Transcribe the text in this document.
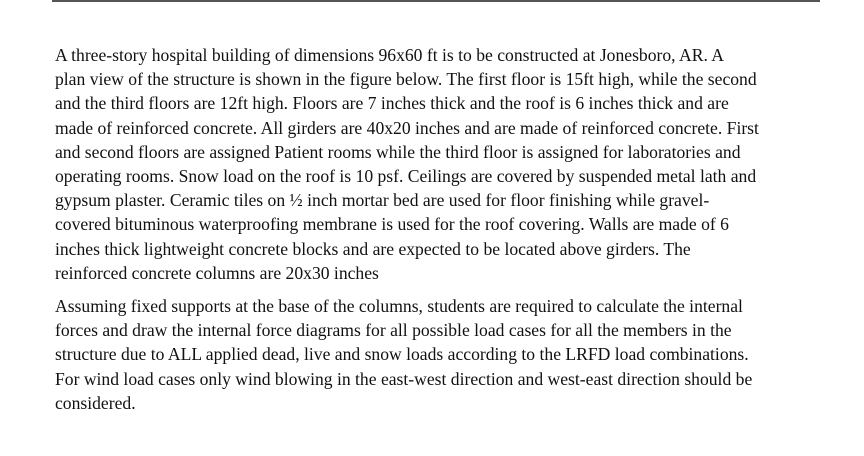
A three-story hospital building of dimensions 96x60 ft is to be constructed at Jonesboro, AR. A
plan view of the structure is shown in the figure below. The first floor is 15ft high, while the second
and the third floors are 12ft high. Floors are 7 inches thick and the roof is 6 inches thick and are
made of reinforced concrete. All girders are 40x20 inches and are made of reinforced concrete. First
and second floors are assigned Patient rooms while the third floor is assigned for laboratories and
operating rooms. Snow load on the roof is 10 psf. Ceilings are covered by suspended metal lath and
gypsum plaster. Ceramic tiles on ½ inch mortar bed are used for floor finishing while gravel-
covered bituminous waterproofing membrane is used for the roof covering. Walls are made of 6
inches thick lightweight concrete blocks and are expected to be located above girders. The
reinforced concrete columns are 20x30 inches

Assuming fixed supports at the base of the columns, students are required to calculate the internal
forces and draw the internal force diagrams for all possible load cases for all the members in the
structure due to ALL applied dead, live and snow loads according to the LRFD load combinations.
For wind load cases only wind blowing in the east-west direction and west-east direction should be
considered.
